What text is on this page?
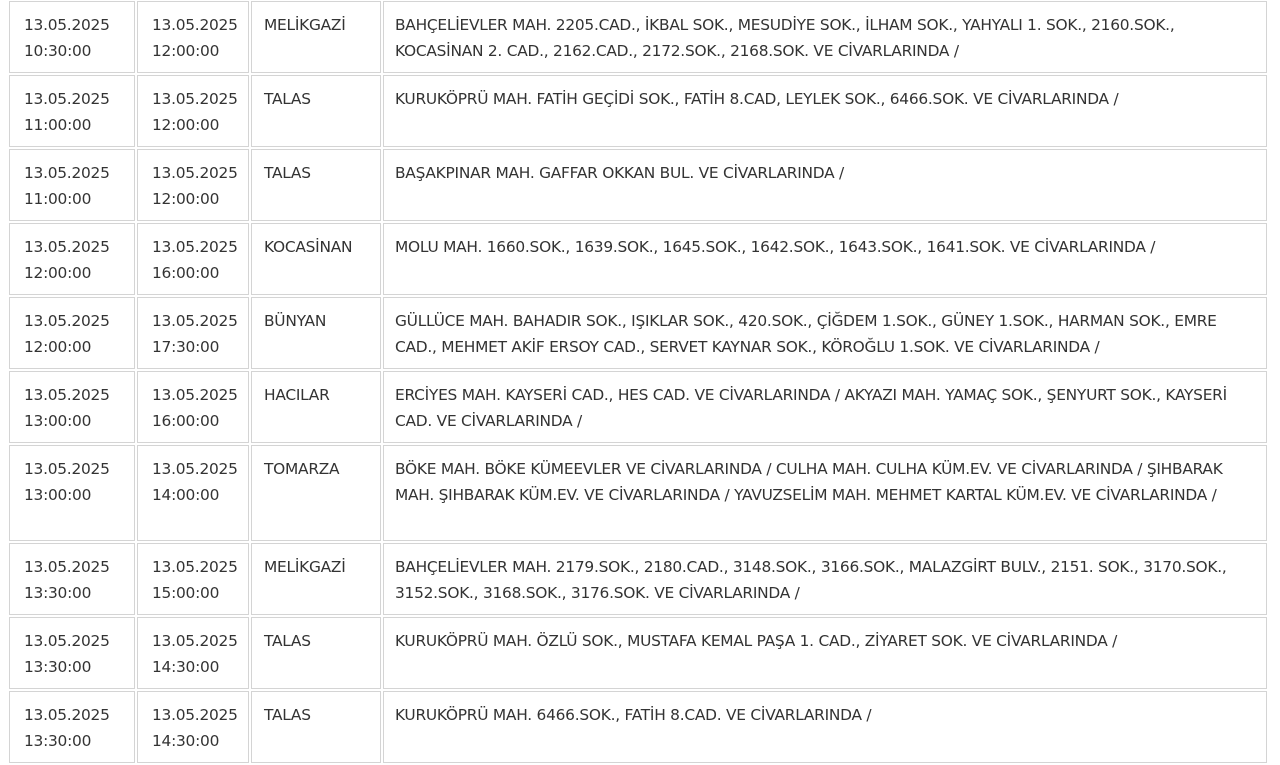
13.05.2025
10:30:00	13.05.2025
12:00:00	MELİKGAZİ	BAHÇELİEVLER MAH. 2205.CAD., İKBAL SOK., MESUDİYE SOK., İLHAM SOK., YAHYALI 1. SOK., 2160.SOK., KOCASİNAN 2. CAD., 2162.CAD., 2172.SOK., 2168.SOK. VE CİVARLARINDA /

13.05.2025
11:00:00	13.05.2025
12:00:00	TALAS	KURUKÖPRÜ MAH. FATİH GEÇİDİ SOK., FATİH 8.CAD, LEYLEK SOK., 6466.SOK. VE CİVARLARINDA /

13.05.2025
11:00:00	13.05.2025
12:00:00	TALAS	BAŞAKPINAR MAH. GAFFAR OKKAN BUL. VE CİVARLARINDA /

13.05.2025
12:00:00	13.05.2025
16:00:00	KOCASİNAN	MOLU MAH. 1660.SOK., 1639.SOK., 1645.SOK., 1642.SOK., 1643.SOK., 1641.SOK. VE CİVARLARINDA /

13.05.2025
12:00:00	13.05.2025
17:30:00	BÜNYAN	GÜLLÜCE MAH. BAHADIR SOK., IŞIKLAR SOK., 420.SOK., ÇİĞDEM 1.SOK., GÜNEY 1.SOK., HARMAN SOK., EMRE CAD., MEHMET AKİF ERSOY CAD., SERVET KAYNAR SOK., KÖROĞLU 1.SOK. VE CİVARLARINDA /

13.05.2025
13:00:00	13.05.2025
16:00:00	HACILAR	ERCİYES MAH. KAYSERİ CAD., HES CAD. VE CİVARLARINDA / AKYAZI MAH. YAMAÇ SOK., ŞENYURT SOK., KAYSERİ CAD. VE CİVARLARINDA /

13.05.2025
13:00:00	13.05.2025
14:00:00	TOMARZA	BÖKE MAH. BÖKE KÜMEEVLER VE CİVARLARINDA / CULHA MAH. CULHA KÜM.EV. VE CİVARLARINDA / ŞIHBARAK MAH. ŞIHBARAK KÜM.EV. VE CİVARLARINDA / YAVUZSELİM MAH. MEHMET KARTAL KÜM.EV. VE CİVARLARINDA /

13.05.2025
13:30:00	13.05.2025
15:00:00	MELİKGAZİ	BAHÇELİEVLER MAH. 2179.SOK., 2180.CAD., 3148.SOK., 3166.SOK., MALAZGİRT BULV., 2151. SOK., 3170.SOK., 3152.SOK., 3168.SOK., 3176.SOK. VE CİVARLARINDA /

13.05.2025
13:30:00	13.05.2025
14:30:00	TALAS	KURUKÖPRÜ MAH. ÖZLÜ SOK., MUSTAFA KEMAL PAŞA 1. CAD., ZİYARET SOK. VE CİVARLARINDA /

13.05.2025
13:30:00	13.05.2025
14:30:00	TALAS	KURUKÖPRÜ MAH. 6466.SOK., FATİH 8.CAD. VE CİVARLARINDA /
